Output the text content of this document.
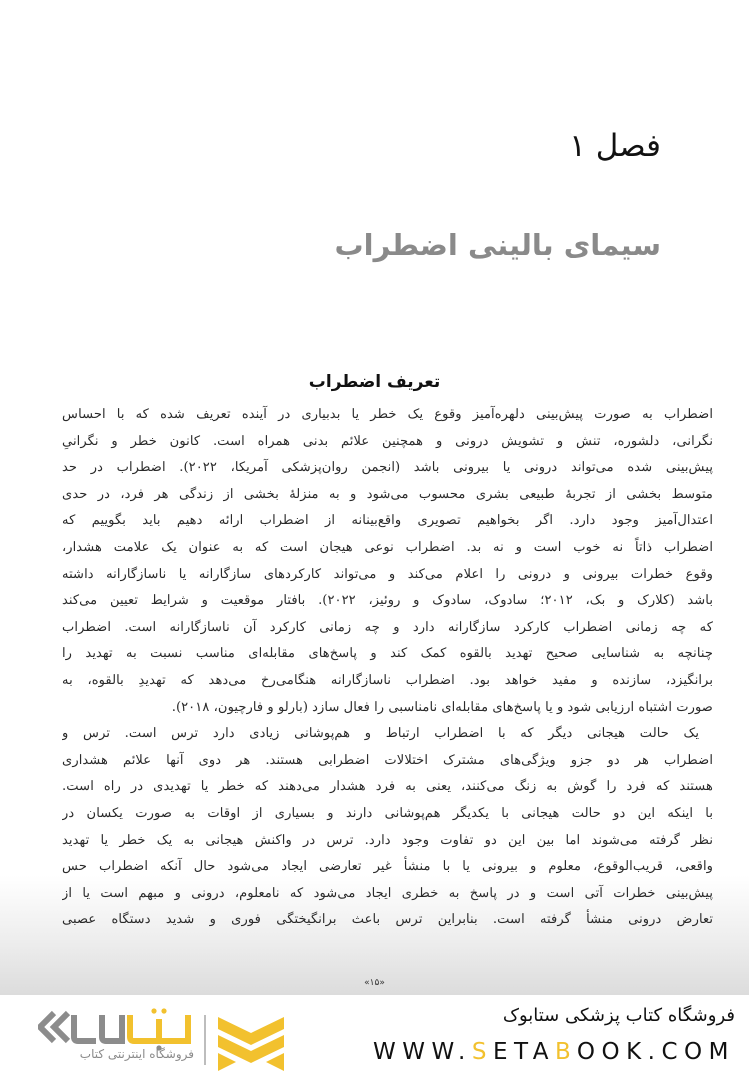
فصل ۱
سیمای بالینی اضطراب
تعریف اضطراب
اضطراب به صورت پیش‌بینی دلهره‌آمیز وقوع یک خطر یا بدبیاری در آینده تعریف شده که با احساس
نگرانی، دلشوره، تنش و تشویش درونی و همچنین علائم بدنی همراه است. کانون خطر و نگرانیِ
پیش‌بینی شده می‌تواند درونی یا بیرونی باشد (انجمن روان‌پزشکی آمریکا، ۲۰۲۲). اضطراب در حد
متوسط بخشی از تجربهٔ طبیعی بشری محسوب می‌شود و به منزلهٔ بخشی از زندگی هر فرد، در حدی
اعتدال‌آمیز وجود دارد. اگر بخواهیم تصویری واقع‌بینانه از اضطراب ارائه دهیم باید بگوییم که
اضطراب ذاتاً نه خوب است و نه بد. اضطراب نوعی هیجان است که به عنوان یک علامت هشدار،
وقوع خطرات بیرونی و درونی را اعلام می‌کند و می‌تواند کارکردهای سازگارانه یا ناسازگارانه داشته
باشد (کلارک و بک، ۲۰۱۲؛ سادوک، سادوک و روئیز، ۲۰۲۲). بافتار موقعیت و شرایط تعیین می‌کند
که چه زمانی اضطراب کارکرد سازگارانه دارد و چه زمانی کارکرد آن ناسازگارانه است. اضطراب
چنانچه به شناسایی صحیح تهدید بالقوه کمک کند و پاسخ‌های مقابله‌ای مناسب نسبت به تهدید را
برانگیزد، سازنده و مفید خواهد بود. اضطراب ناسازگارانه هنگامی‌رخ می‌دهد که تهدیدِ بالقوه، به
صورت اشتباه ارزیابی شود و یا پاسخ‌های مقابله‌ای نامناسبی را فعال سازد (بارلو و فارچیون، ۲۰۱۸).
یک حالت هیجانی دیگر که با اضطراب ارتباط و هم‌پوشانی زیادی دارد ترس است. ترس و
اضطراب هر دو جزو ویژگی‌های مشترک اختلالات اضطرابی هستند. هر دوی آنها علائم هشداری
هستند که فرد را گوش به زنگ می‌کنند، یعنی به فرد هشدار می‌دهند که خطر یا تهدیدی در راه است.
با اینکه این دو حالت هیجانی با یکدیگر هم‌پوشانی دارند و بسیاری از اوقات به صورت یکسان در
نظر گرفته می‌شوند اما بین این دو تفاوت وجود دارد. ترس در واکنش هیجانی به یک خطر یا تهدید
واقعی، قریب‌الوقوع، معلوم و بیرونی یا با منشأ غیر تعارضی ایجاد می‌شود حال آنکه اضطراب حس
پیش‌بینی خطرات آتی است و در پاسخ به خطری ایجاد می‌شود که نامعلوم، درونی و مبهم است یا از
تعارض درونی منشأ گرفته است. بنابراین ترس باعث برانگیختگی فوری و شدید دستگاه عصبی
«۱۵»
فروشگاه اینترنتی کتاب
فروشگاه کتاب پزشکی ستابوک
WWW.SETABOOK.COM
